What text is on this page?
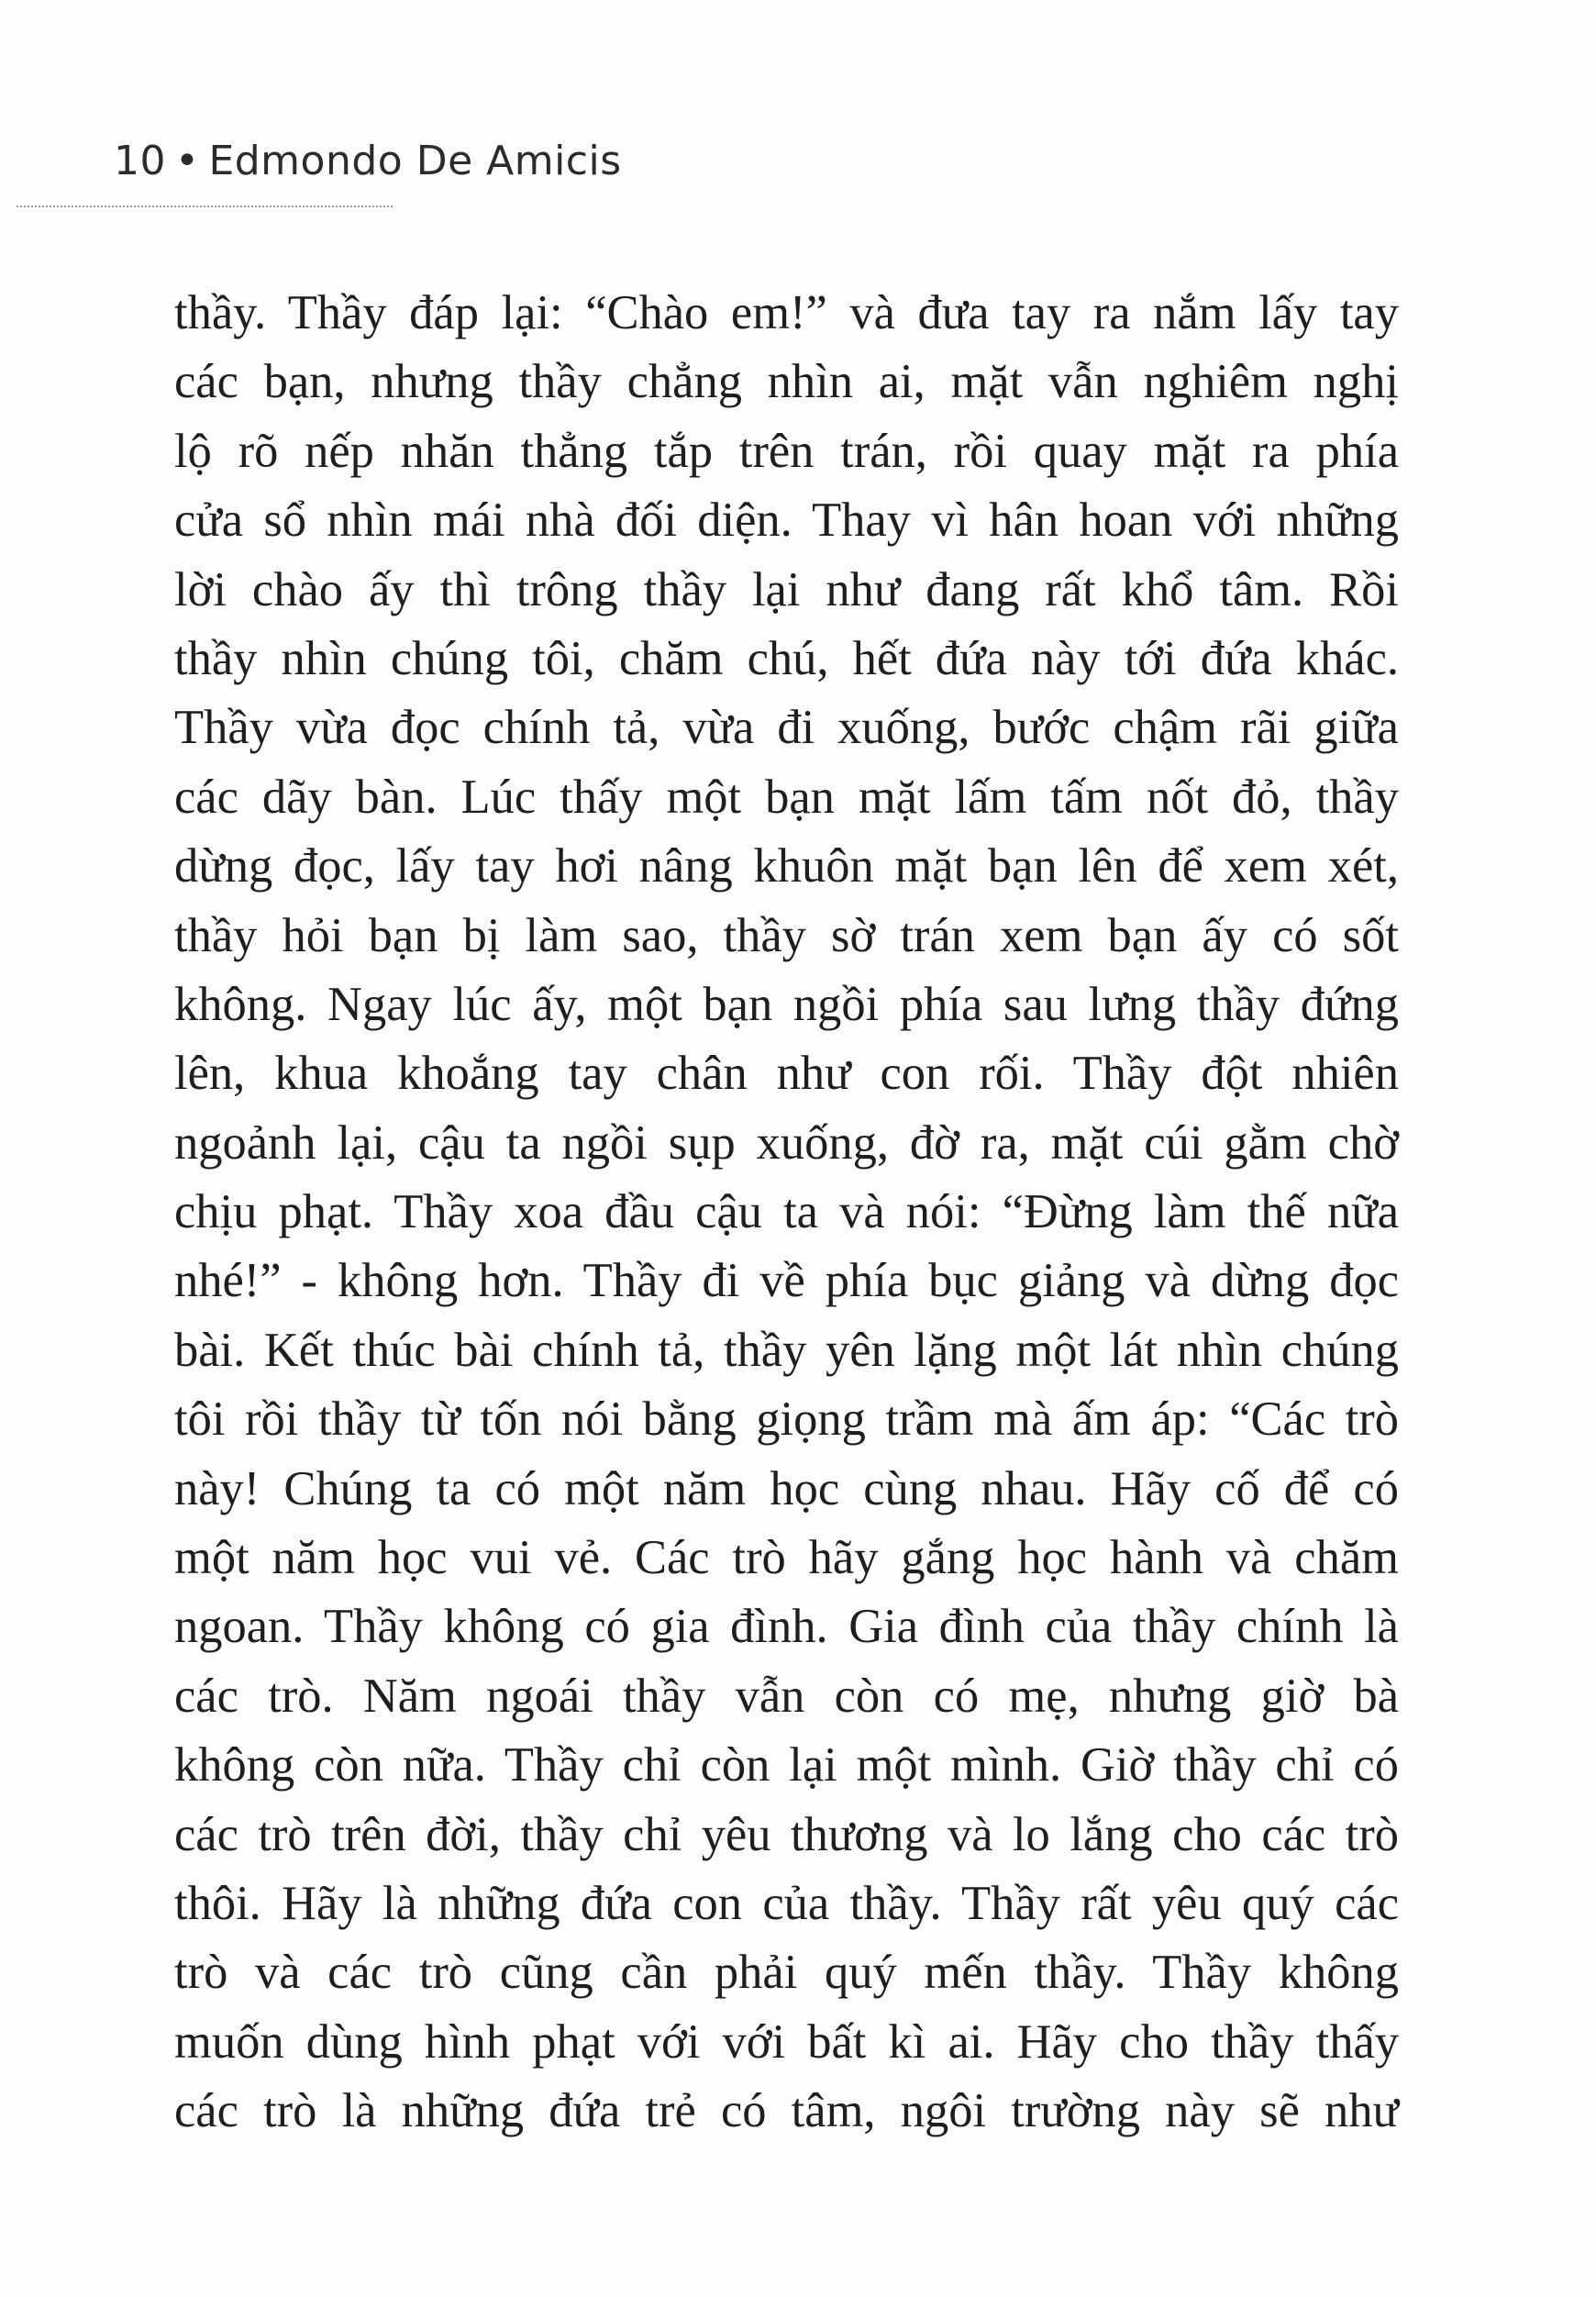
10 • Edmondo De Amicis
thầy. Thầy đáp lại: “Chào em!” và đưa tay ra nắm lấy tay
các bạn, nhưng thầy chẳng nhìn ai, mặt vẫn nghiêm nghị
lộ rõ nếp nhăn thẳng tắp trên trán, rồi quay mặt ra phía
cửa sổ nhìn mái nhà đối diện. Thay vì hân hoan với những
lời chào ấy thì trông thầy lại như đang rất khổ tâm. Rồi
thầy nhìn chúng tôi, chăm chú, hết đứa này tới đứa khác.
Thầy vừa đọc chính tả, vừa đi xuống, bước chậm rãi giữa
các dãy bàn. Lúc thấy một bạn mặt lấm tấm nốt đỏ, thầy
dừng đọc, lấy tay hơi nâng khuôn mặt bạn lên để xem xét,
thầy hỏi bạn bị làm sao, thầy sờ trán xem bạn ấy có sốt
không. Ngay lúc ấy, một bạn ngồi phía sau lưng thầy đứng
lên, khua khoắng tay chân như con rối. Thầy đột nhiên
ngoảnh lại, cậu ta ngồi sụp xuống, đờ ra, mặt cúi gằm chờ
chịu phạt. Thầy xoa đầu cậu ta và nói: “Đừng làm thế nữa
nhé!” - không hơn. Thầy đi về phía bục giảng và dừng đọc
bài. Kết thúc bài chính tả, thầy yên lặng một lát nhìn chúng
tôi rồi thầy từ tốn nói bằng giọng trầm mà ấm áp: “Các trò
này! Chúng ta có một năm học cùng nhau. Hãy cố để có
một năm học vui vẻ. Các trò hãy gắng học hành và chăm
ngoan. Thầy không có gia đình. Gia đình của thầy chính là
các trò. Năm ngoái thầy vẫn còn có mẹ, nhưng giờ bà
không còn nữa. Thầy chỉ còn lại một mình. Giờ thầy chỉ có
các trò trên đời, thầy chỉ yêu thương và lo lắng cho các trò
thôi. Hãy là những đứa con của thầy. Thầy rất yêu quý các
trò và các trò cũng cần phải quý mến thầy. Thầy không
muốn dùng hình phạt với với bất kì ai. Hãy cho thầy thấy
các trò là những đứa trẻ có tâm, ngôi trường này sẽ như
